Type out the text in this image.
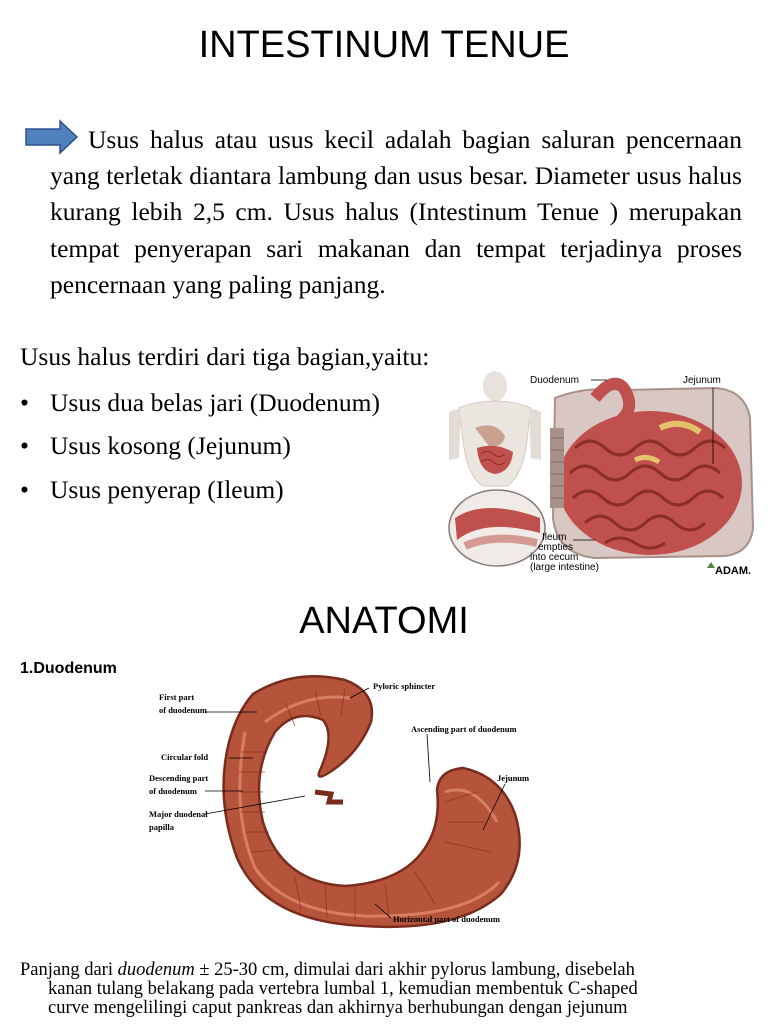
INTESTINUM TENUE
Usus halus atau usus kecil adalah bagian saluran pencernaan yang terletak diantara lambung dan usus besar. Diameter usus halus kurang lebih 2,5 cm. Usus halus (Intestinum Tenue ) merupakan tempat penyerapan sari makanan dan tempat terjadinya proses pencernaan yang paling panjang.
Usus halus terdiri dari tiga bagian,yaitu:
• Usus dua belas jari (Duodenum)
• Usus kosong (Jejunum)
• Usus penyerap (Ileum)
Duodenum	Jejunum
Ileum
empties
into cecum
(large intestine)	ADAM.
ANATOMI
1.Duodenum
First part
of duodenum
Pyloric sphincter
Ascending part of duodenum
Circular fold
Descending part
of duodenum
Jejunum
Major duodenal
papilla
Horizontal part of duodenum
Panjang dari duodenum ± 25-30 cm, dimulai dari akhir pylorus lambung, disebelah
kanan tulang belakang pada vertebra lumbal 1, kemudian membentuk C-shaped
curve mengelilingi caput pankreas dan akhirnya berhubungan dengan jejunum
